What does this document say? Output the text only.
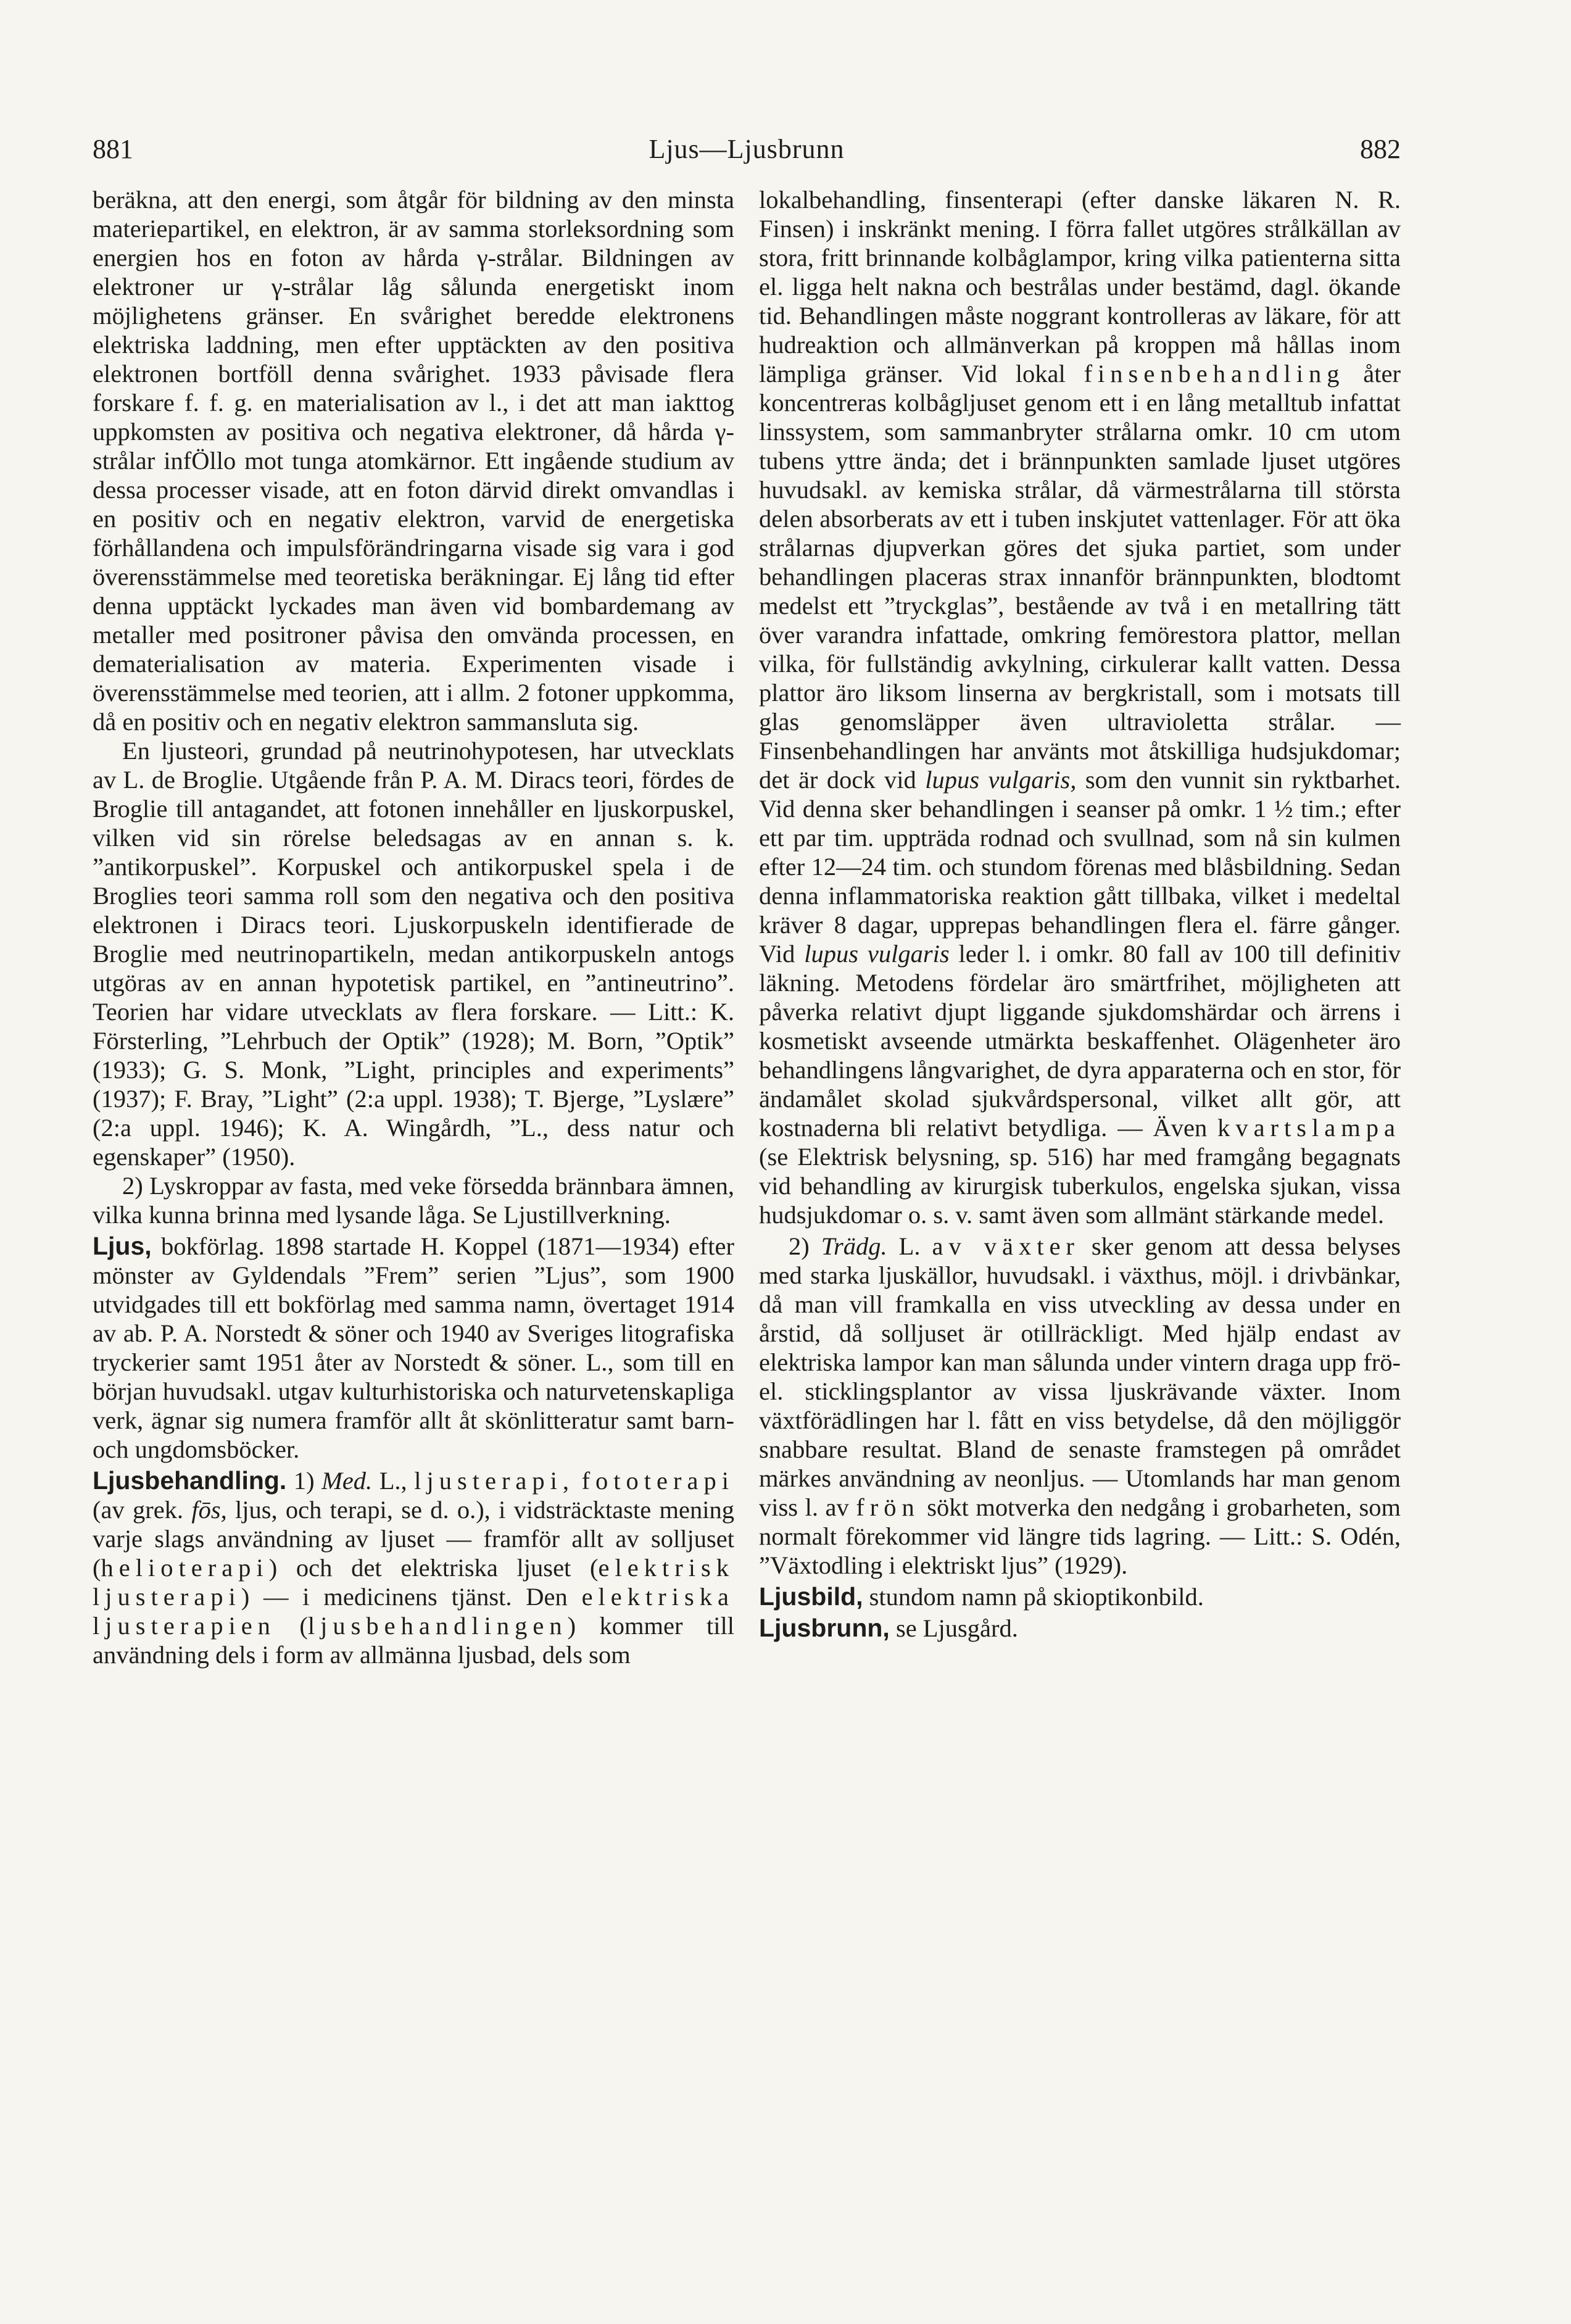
881	Ljus—Ljusbrunn	882

beräkna, att den energi, som åtgår för bildning av den minsta materiepartikel, en elektron, är av samma storleksordning som energien hos en foton av hårda γ-strålar. Bildningen av elektroner ur γ-strålar låg sålunda energetiskt inom möjlighetens gränser. En svårighet beredde elektronens elektriska laddning, men efter upptäckten av den positiva elektronen bortföll denna svårighet. 1933 påvisade flera forskare f. f. g. en materialisation av l., i det att man iakttog uppkomsten av positiva och negativa elektroner, då hårda γ-strålar infÖllo mot tunga atomkärnor. Ett ingående studium av dessa processer visade, att en foton därvid direkt omvandlas i en positiv och en negativ elektron, varvid de energetiska förhållandena och impulsförändringarna visade sig vara i god överensstämmelse med teoretiska beräkningar. Ej lång tid efter denna upptäckt lyckades man även vid bombardemang av metaller med positroner påvisa den omvända processen, en dematerialisation av materia. Experimenten visade i överensstämmelse med teorien, att i allm. 2 fotoner uppkomma, då en positiv och en negativ elektron sammansluta sig.

En ljusteori, grundad på neutrinohypotesen, har utvecklats av L. de Broglie. Utgående från P. A. M. Diracs teori, fördes de Broglie till antagandet, att fotonen innehåller en ljuskorpuskel, vilken vid sin rörelse beledsagas av en annan s. k. ”antikorpuskel”. Korpuskel och antikorpuskel spela i de Broglies teori samma roll som den negativa och den positiva elektronen i Diracs teori. Ljuskorpuskeln identifierade de Broglie med neutrinopartikeln, medan antikorpuskeln antogs utgöras av en annan hypotetisk partikel, en ”antineutrino”. Teorien har vidare utvecklats av flera forskare. — Litt.: K. Försterling, ”Lehrbuch der Optik” (1928); M. Born, ”Optik” (1933); G. S. Monk, ”Light, principles and experiments” (1937); F. Bray, ”Light” (2:a uppl. 1938); T. Bjerge, ”Lyslære” (2:a uppl. 1946); K. A. Wingårdh, ”L., dess natur och egenskaper” (1950).

2) Lyskroppar av fasta, med veke försedda brännbara ämnen, vilka kunna brinna med lysande låga. Se Ljustillverkning.

Ljus, bokförlag. 1898 startade H. Koppel (1871—1934) efter mönster av Gyldendals ”Frem” serien ”Ljus”, som 1900 utvidgades till ett bokförlag med samma namn, övertaget 1914 av ab. P. A. Norstedt & söner och 1940 av Sveriges litografiska tryckerier samt 1951 åter av Norstedt & söner. L., som till en början huvudsakl. utgav kulturhistoriska och naturvetenskapliga verk, ägnar sig numera framför allt åt skönlitteratur samt barn- och ungdomsböcker.

Ljusbehandling. 1) Med. L., ljusterapi, fototerapi (av grek. fōs, ljus, och terapi, se d. o.), i vidsträcktaste mening varje slags användning av ljuset — framför allt av solljuset (helioterapi) och det elektriska ljuset (elektrisk ljusterapi) — i medicinens tjänst. Den elektriska ljusterapien (ljusbehandlingen) kommer till användning dels i form av allmänna ljusbad, dels som

lokalbehandling, finsenterapi (efter danske läkaren N. R. Finsen) i inskränkt mening. I förra fallet utgöres strålkällan av stora, fritt brinnande kolbåglampor, kring vilka patienterna sitta el. ligga helt nakna och bestrålas under bestämd, dagl. ökande tid. Behandlingen måste noggrant kontrolleras av läkare, för att hudreaktion och allmänverkan på kroppen må hållas inom lämpliga gränser. Vid lokal finsenbehandling åter koncentreras kolbågljuset genom ett i en lång metalltub infattat linssystem, som sammanbryter strålarna omkr. 10 cm utom tubens yttre ända; det i brännpunkten samlade ljuset utgöres huvudsakl. av kemiska strålar, då värmestrålarna till största delen absorberats av ett i tuben inskjutet vattenlager. För att öka strålarnas djupverkan göres det sjuka partiet, som under behandlingen placeras strax innanför brännpunkten, blodtomt medelst ett ”tryckglas”, bestående av två i en metallring tätt över varandra infattade, omkring femörestora plattor, mellan vilka, för fullständig avkylning, cirkulerar kallt vatten. Dessa plattor äro liksom linserna av bergkristall, som i motsats till glas genomsläpper även ultravioletta strålar. — Finsenbehandlingen har använts mot åtskilliga hudsjukdomar; det är dock vid lupus vulgaris, som den vunnit sin ryktbarhet. Vid denna sker behandlingen i seanser på omkr. 1 ½ tim.; efter ett par tim. uppträda rodnad och svullnad, som nå sin kulmen efter 12—24 tim. och stundom förenas med blåsbildning. Sedan denna inflammatoriska reaktion gått tillbaka, vilket i medeltal kräver 8 dagar, upprepas behandlingen flera el. färre gånger. Vid lupus vulgaris leder l. i omkr. 80 fall av 100 till definitiv läkning. Metodens fördelar äro smärtfrihet, möjligheten att påverka relativt djupt liggande sjukdomshärdar och ärrens i kosmetiskt avseende utmärkta beskaffenhet. Olägenheter äro behandlingens långvarighet, de dyra apparaterna och en stor, för ändamålet skolad sjukvårdspersonal, vilket allt gör, att kostnaderna bli relativt betydliga. — Även kvartslampa (se Elektrisk belysning, sp. 516) har med framgång begagnats vid behandling av kirurgisk tuberkulos, engelska sjukan, vissa hudsjukdomar o. s. v. samt även som allmänt stärkande medel.

2) Trädg. L. av växter sker genom att dessa belyses med starka ljuskällor, huvudsakl. i växthus, möjl. i drivbänkar, då man vill framkalla en viss utveckling av dessa under en årstid, då solljuset är otillräckligt. Med hjälp endast av elektriska lampor kan man sålunda under vintern draga upp frö- el. sticklingsplantor av vissa ljuskrävande växter. Inom växtförädlingen har l. fått en viss betydelse, då den möjliggör snabbare resultat. Bland de senaste framstegen på området märkes användning av neonljus. — Utomlands har man genom viss l. av frön sökt motverka den nedgång i grobarheten, som normalt förekommer vid längre tids lagring. — Litt.: S. Odén, ”Växtodling i elektriskt ljus” (1929).

Ljusbild, stundom namn på skioptikonbild.

Ljusbrunn, se Ljusgård.
